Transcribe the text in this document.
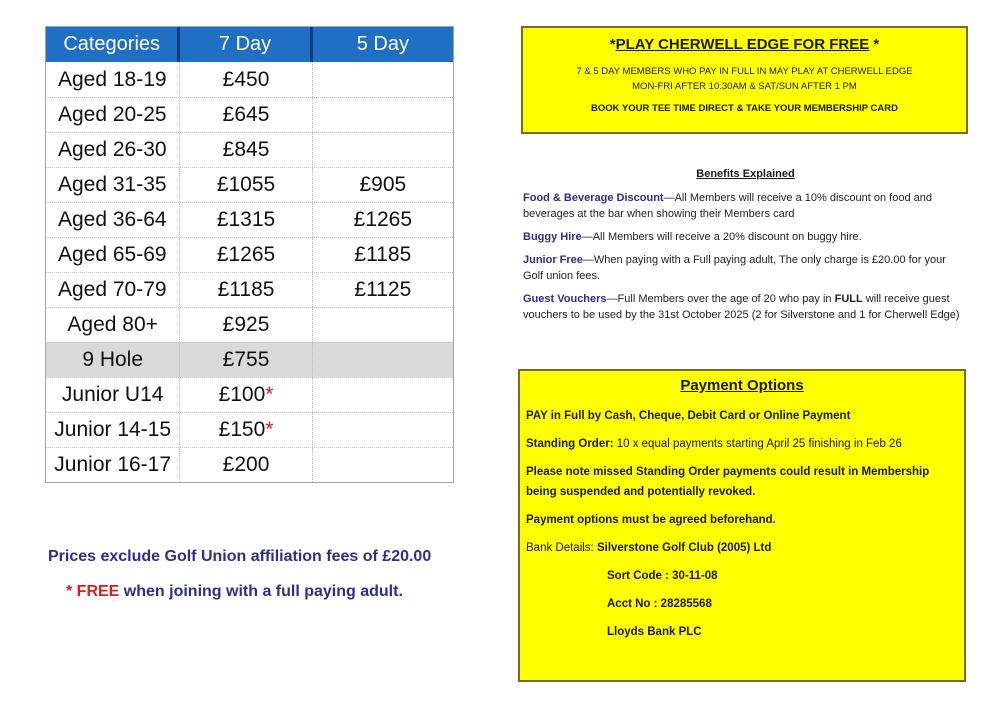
Categories	7 Day	5 Day
Aged 18-19	£450
Aged 20-25	£645
Aged 26-30	£845
Aged 31-35	£1055	£905
Aged 36-64	£1315	£1265
Aged 65-69	£1265	£1185
Aged 70-79	£1185	£1125
Aged 80+	£925
9 Hole	£755
Junior U14	£100 *
Junior 14-15	£150 *
Junior 16-17	£200
Prices exclude Golf Union affiliation fees of £20.00
* FREE when joining with a full paying adult.
*PLAY CHERWELL EDGE FOR FREE *
7 & 5 DAY MEMBERS WHO PAY IN FULL IN MAY PLAY AT CHERWELL EDGE
MON-FRI AFTER 10.30AM & SAT/SUN AFTER 1 PM
BOOK YOUR TEE TIME DIRECT & TAKE YOUR MEMBERSHIP CARD
Benefits Explained
Food & Beverage Discount—All Members will receive a 10% discount on food and beverages at the bar when showing their Members card
Buggy Hire—All Members will receive a 20% discount on buggy hire.
Junior Free—When paying with a Full paying adult, The only charge is £20.00 for your Golf union fees.
Guest Vouchers—Full Members over the age of 20 who pay in FULL will receive guest vouchers to be used by the 31st October 2025 (2 for Silverstone and 1 for Cherwell Edge)
Payment Options
PAY in Full by Cash, Cheque, Debit Card or Online Payment
Standing Order: 10 x equal payments starting April 25 finishing in Feb 26
Please note missed Standing Order payments could result in Membership being suspended and potentially revoked.
Payment options must be agreed beforehand.
Bank Details: Silverstone Golf Club (2005) Ltd
Sort Code : 30-11-08
Acct No : 28285568
Lloyds Bank PLC
